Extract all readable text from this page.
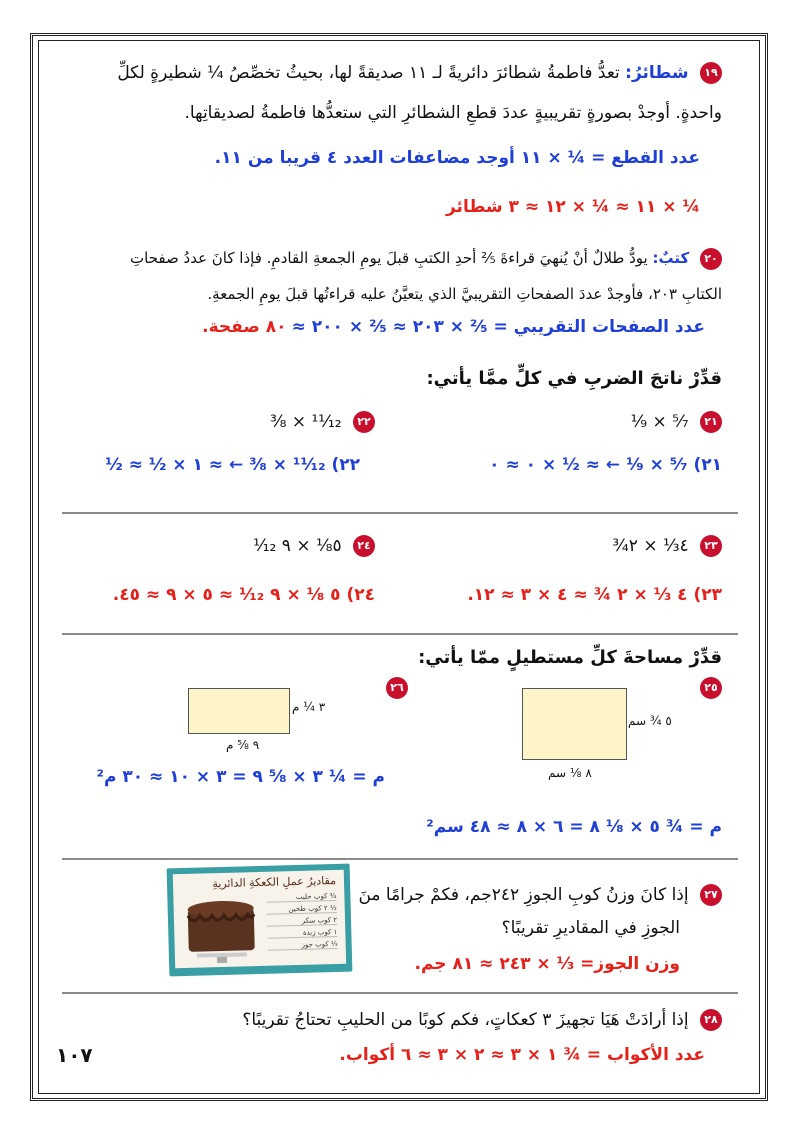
١٩ شطائرُ: تعدُّ فاطمةُ شطائرَ دائريةً لـ ١١ صديقةً لها، بحيثُ تخصِّصُ ¼ شطيرةٍ لكلِّ
واحدةٍ. أوجدْ بصورةٍ تقريبيةٍ عددَ قطعِ الشطائرِ التي ستعدُّها فاطمةُ لصديقاتِها.
عدد القطع = ¼ × ١١ أوجد مضاعفات العدد ٤ قريبا من ١١.
¼ × ١١ ≈ ¼ × ١٢ ≈ ٣ شطائر
٢٠ كتبٌ: يودُّ طلالٌ أنْ يُنهيَ قراءةَ ⅖ أحدِ الكتبِ قبلَ يومِ الجمعةِ القادمِ. فإذا كانَ عددُ صفحاتِ
الكتابِ ٢٠٣، فأوجدْ عددَ الصفحاتِ التقريبيَّ الذي يتعيَّنُ عليه قراءتُها قبلَ يومِ الجمعةِ.
عدد الصفحات التقريبي = ⅖ × ٢٠٣ ≈ ⅖ × ٢٠٠ ≈ ٨٠ صفحة.
قدِّرْ ناتجَ الضربِ في كلٍّ ممَّا يأتي:
٢١ ⁵⁄₇ × ¹⁄₉
٢٢ ¹¹⁄₁₂ × ³⁄₈
٢١) ⁵⁄₇ × ¹⁄₉ ← ≈ ½ × ٠ ≈ ٠
٢٢) ¹¹⁄₁₂ × ³⁄₈ ← ≈ ١ × ½ ≈ ½
٢٣ ٤⅓ × ٢¾
٢٤ ٥⅛ × ٩ ¹⁄₁₂
٢٣) ٤ ⅓ × ٢ ¾ ≈ ٤ × ٣ ≈ ١٢.
٢٤) ٥ ⅛ × ٩ ¹⁄₁₂ ≈ ٥ × ٩ ≈ ٤٥.
قدِّرْ مساحةَ كلِّ مستطيلٍ ممّا يأتي:
٢٥
٥ ¾ سم
٨ ⅛ سم
٢٦
٣ ¼ م
٩ ⅝ م
م = ¼ ٣ × ⅝ ٩ = ٣ × ١٠ ≈ ٣٠ م²
م = ¾ ٥ × ⅛ ٨ = ٦ × ٨ ≈ ٤٨ سم²
مقاديرُ عملِ الكعكةِ الدائريةِ
¾ كوب حليب
½ ٢ كوب طحين
٢ كوب سكر
١ كوب زبدة
⅓ كوب جوز
٢٧ إذا كانَ وزنُ كوبِ الجوزِ ٢٤٢جم، فكمْ جرامًا منَ
الجوزِ في المقاديرِ تقريبًا؟
وزن الجوز= ⅓ × ٢٤٣ ≈ ٨١ جم.
٢٨ إذا أرادَتْ هَيَا تجهيزَ ٣ كعكاتٍ، فكم كوبًا من الحليبِ تحتاجُ تقريبًا؟
عدد الأكواب = ¾ ١ × ٣ ≈ ٢ × ٣ ≈ ٦ أكواب.
١٠٧
